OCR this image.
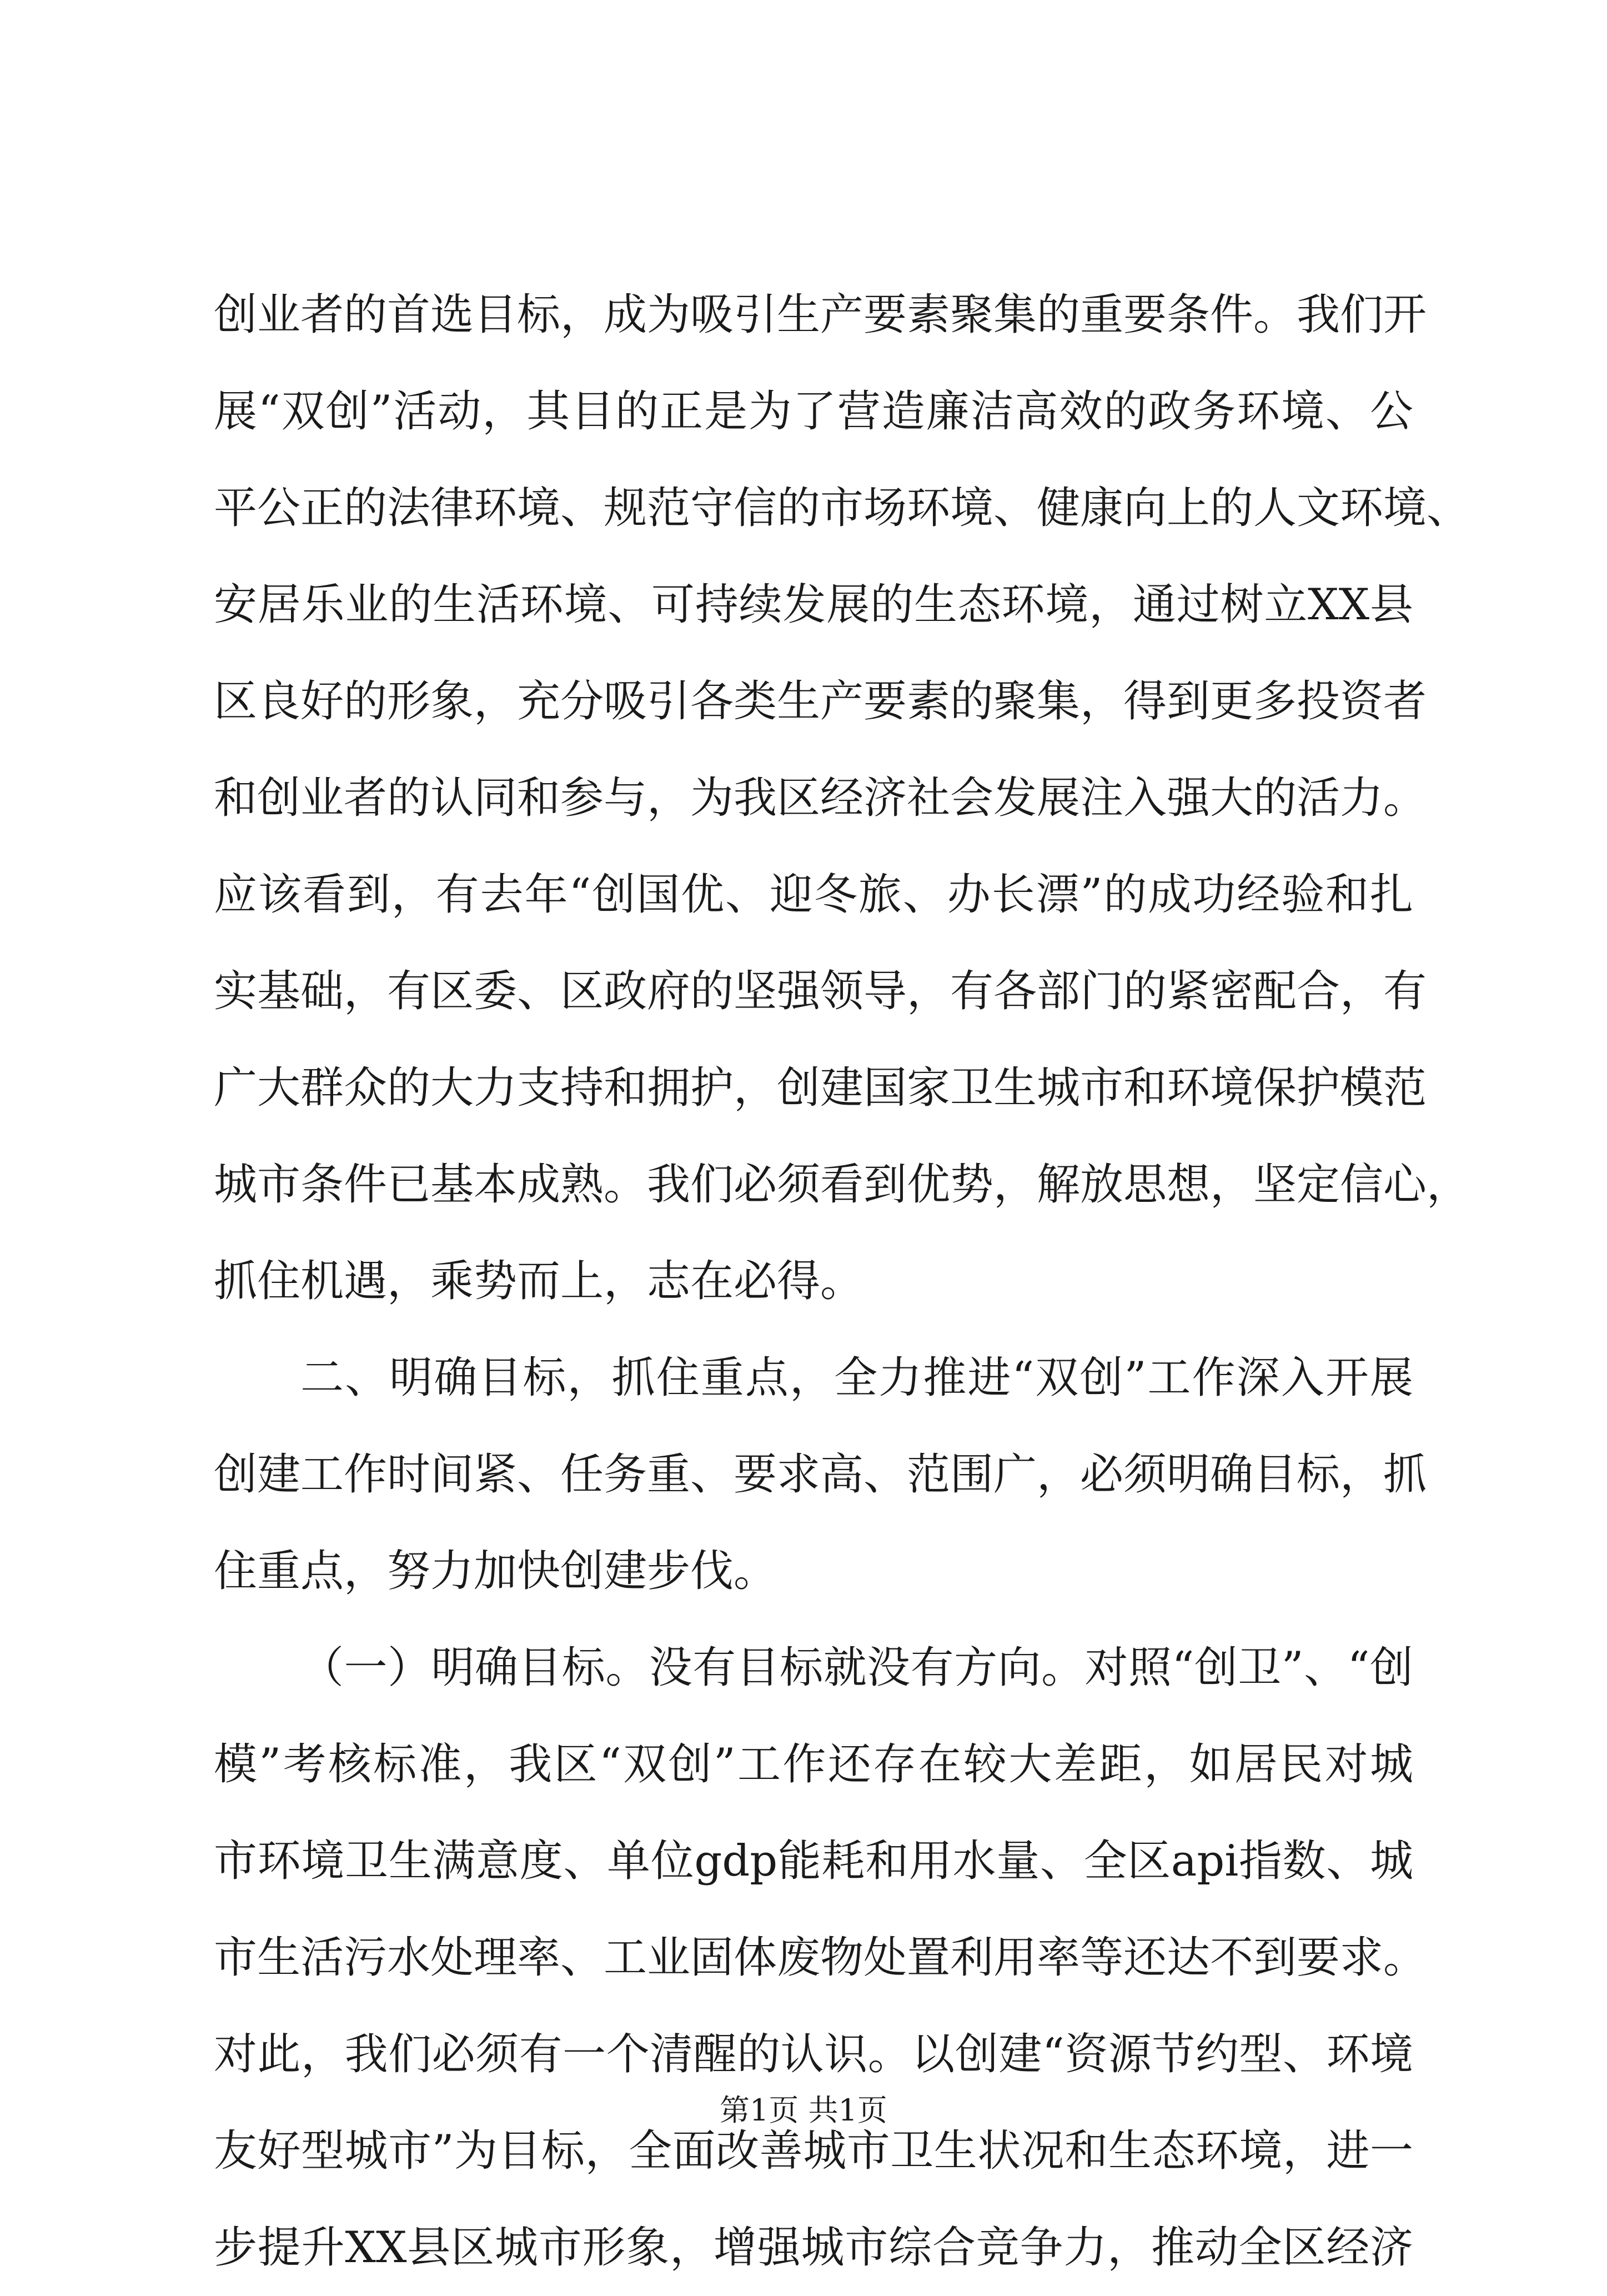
创业者的首选目标，成为吸引生产要素聚集的重要条件。我们开
展“双创”活动，其目的正是为了营造廉洁高效的政务环境、公
平公正的法律环境、规范守信的市场环境、健康向上的人文环境、
安居乐业的生活环境、可持续发展的生态环境，通过树立XX县
区良好的形象，充分吸引各类生产要素的聚集，得到更多投资者
和创业者的认同和参与，为我区经济社会发展注入强大的活力。
应该看到，有去年“创国优、迎冬旅、办长漂”的成功经验和扎
实基础，有区委、区政府的坚强领导，有各部门的紧密配合，有
广大群众的大力支持和拥护，创建国家卫生城市和环境保护模范
城市条件已基本成熟。我们必须看到优势，解放思想，坚定信心，
抓住机遇，乘势而上，志在必得。
二、明确目标，抓住重点，全力推进“双创”工作深入开展
创建工作时间紧、任务重、要求高、范围广，必须明确目标，抓
住重点，努力加快创建步伐。
（一）明确目标。没有目标就没有方向。对照“创卫”、“创
模”考核标准，我区“双创”工作还存在较大差距，如居民对城
市环境卫生满意度、单位gdp能耗和用水量、全区api指数、城
市生活污水处理率、工业固体废物处置利用率等还达不到要求。
对此，我们必须有一个清醒的认识。以创建“资源节约型、环境
友好型城市”为目标，全面改善城市卫生状况和生态环境，进一
步提升XX县区城市形象，增强城市综合竞争力，推动全区经济
第1页 共1页
